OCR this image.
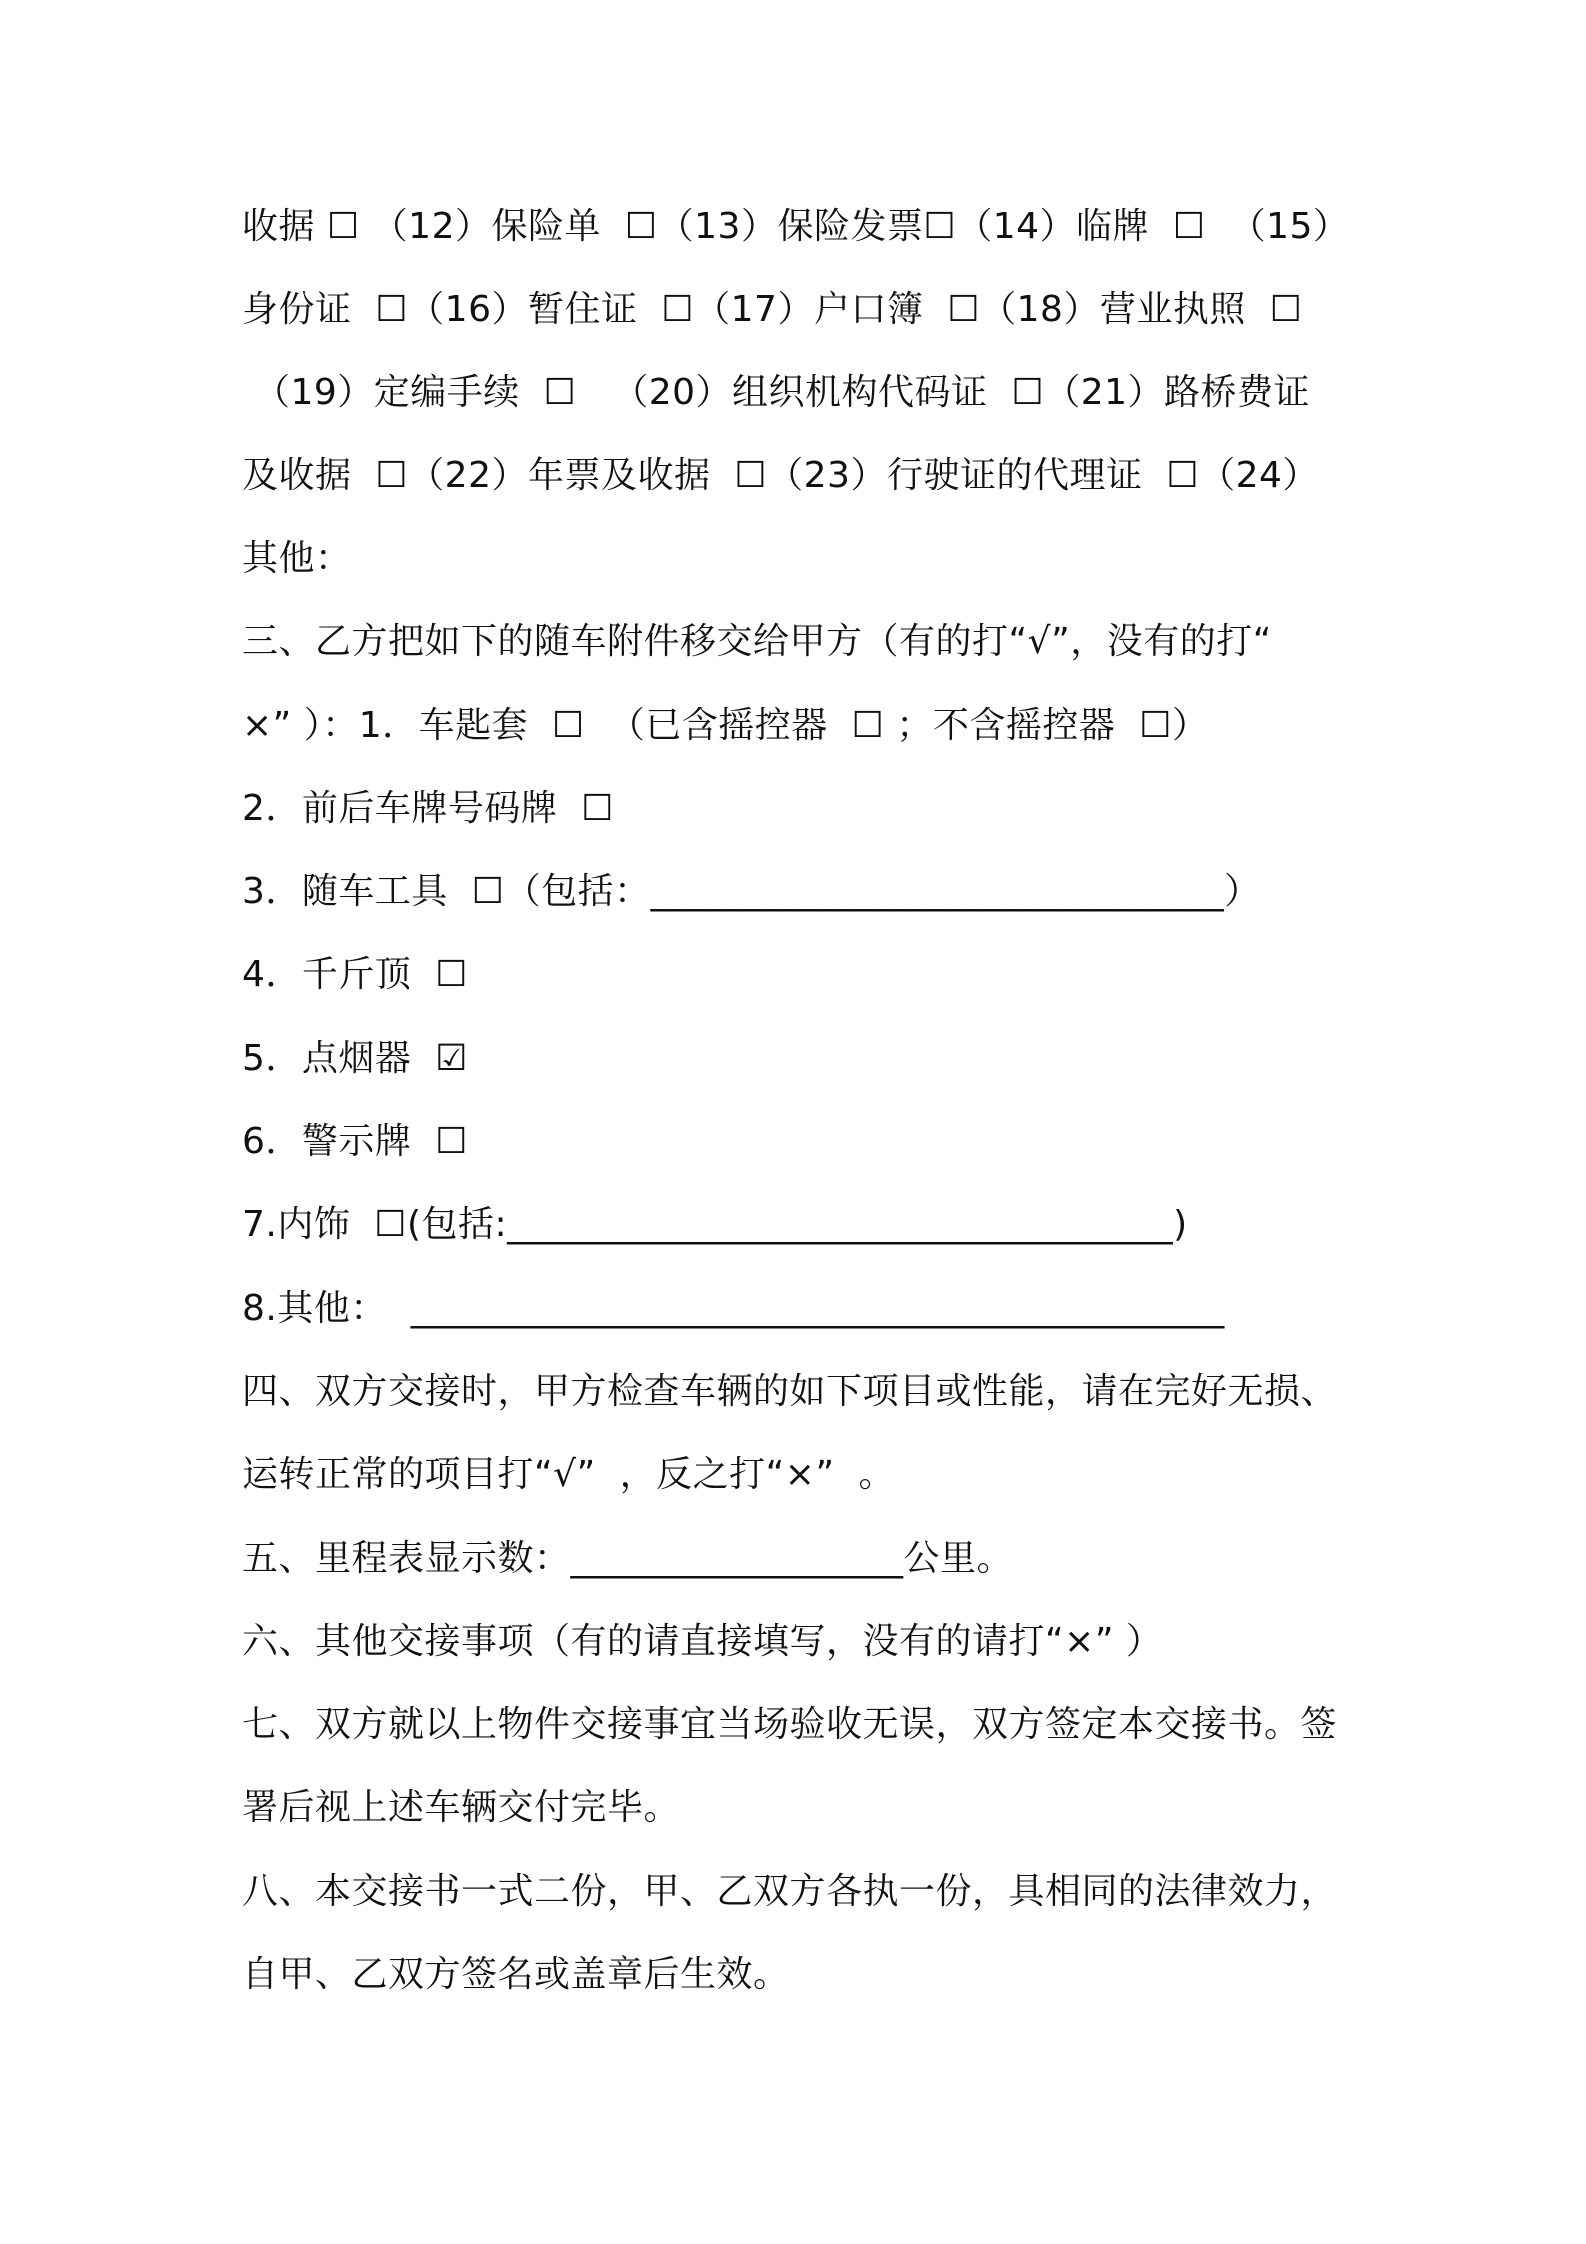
收据 ☐ （12）保险单  ☐（13）保险发票☐（14）临牌  ☐  （15）
身份证  ☐（16）暂住证  ☐（17）户口簿  ☐（18）营业执照  ☐
（19）定编手续  ☐   （20）组织机构代码证  ☐（21）路桥费证
及收据  ☐（22）年票及收据  ☐（23）行驶证的代理证  ☐（24）
其他：
三、乙方把如下的随车附件移交给甲方（有的打“√”，没有的打“
×” ）：1．车匙套  ☐  （已含摇控器  ☐ ；不含摇控器  ☐）
2．前后车牌号码牌  ☐
3．随车工具  ☐（包括：_______________________________）
4．千斤顶  ☐
5．点烟器  ☑
6．警示牌  ☐
7.内饰  ☐(包括:____________________________________)
8.其他：  ____________________________________________
四、双方交接时，甲方检查车辆的如下项目或性能，请在完好无损、
运转正常的项目打“√”  ，反之打“×”  。
五、里程表显示数：__________________公里。
六、其他交接事项（有的请直接填写，没有的请打“×” ）
七、双方就以上物件交接事宜当场验收无误，双方签定本交接书。签
署后视上述车辆交付完毕。
八、本交接书一式二份，甲、乙双方各执一份，具相同的法律效力，
自甲、乙双方签名或盖章后生效。
